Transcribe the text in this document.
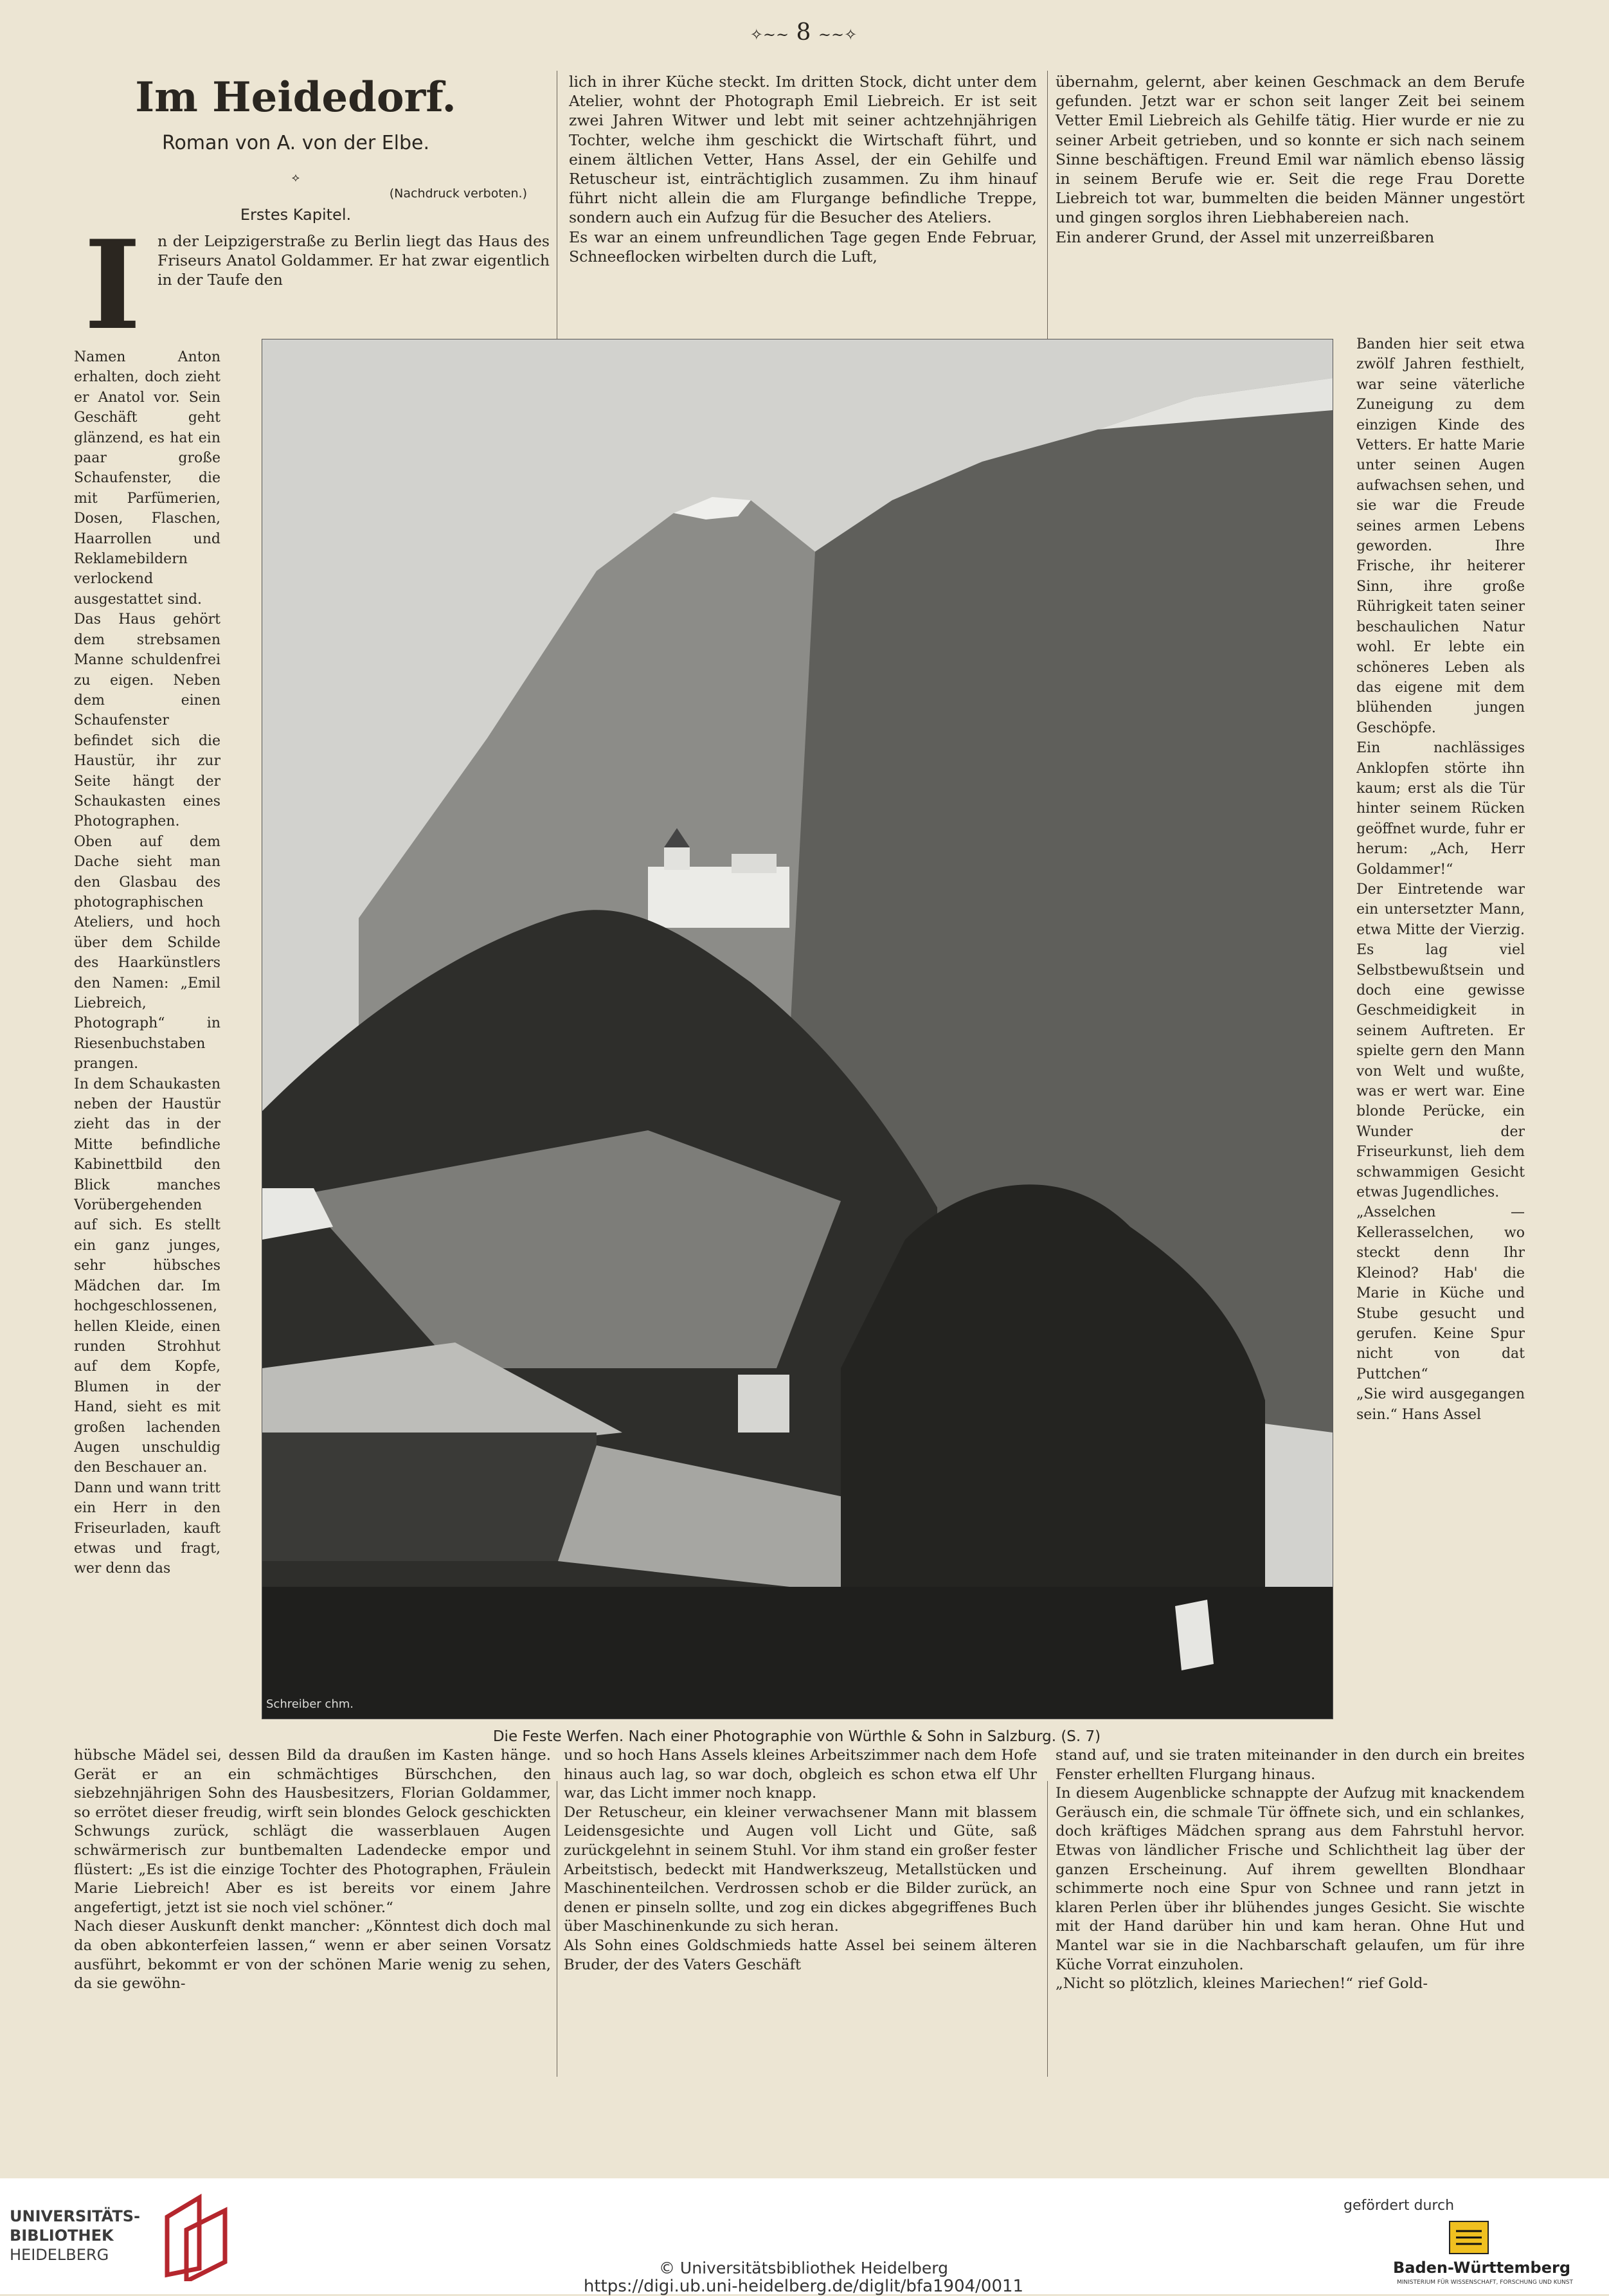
✧~~ 8 ~~✧
Im Heidedorf.
Roman von A. von der Elbe.
⟡
(Nachdruck verboten.)
Erstes Kapitel.
I	n der Leipzigerstraße zu Berlin liegt das Haus des Friseurs Anatol Goldammer. Er hat zwar eigentlich in der Taufe den
Namen Anton erhalten, doch zieht er Anatol vor. Sein Geschäft geht glänzend, es hat ein paar große Schaufenster, die mit Parfümerien, Dosen, Flaschen, Haarrollen und Reklamebildern verlockend ausgestattet sind.
Das Haus gehört dem strebsamen Manne schuldenfrei zu eigen. Neben dem einen Schaufenster befindet sich die Haustür, ihr zur Seite hängt der Schaukasten eines Photographen. Oben auf dem Dache sieht man den Glasbau des photographischen Ateliers, und hoch über dem Schilde des Haarkünstlers den Namen: „Emil Liebreich, Photograph“ in Riesenbuchstaben prangen.
In dem Schaukasten neben der Haustür zieht das in der Mitte befindliche Kabinettbild den Blick manches Vorübergehenden auf sich. Es stellt ein ganz junges, sehr hübsches Mädchen dar. Im hochgeschlossenen, hellen Kleide, einen runden Strohhut auf dem Kopfe, Blumen in der Hand, sieht es mit großen lachenden Augen unschuldig den Beschauer an.
Dann und wann tritt ein Herr in den Friseurladen, kauft etwas und fragt, wer denn das
lich in ihrer Küche steckt. Im dritten Stock, dicht unter dem Atelier, wohnt der Photograph Emil Liebreich. Er ist seit zwei Jahren Witwer und lebt mit seiner achtzehnjährigen Tochter, welche ihm geschickt die Wirtschaft führt, und einem ältlichen Vetter, Hans Assel, der ein Gehilfe und Retuscheur ist, einträchtiglich zusammen. Zu ihm hinauf führt nicht allein die am Flurgange befindliche Treppe, sondern auch ein Aufzug für die Besucher des Ateliers.
Es war an einem unfreundlichen Tage gegen Ende Februar, Schneeflocken wirbelten durch die Luft,
übernahm, gelernt, aber keinen Geschmack an dem Berufe gefunden. Jetzt war er schon seit langer Zeit bei seinem Vetter Emil Liebreich als Gehilfe tätig. Hier wurde er nie zu seiner Arbeit getrieben, und so konnte er sich nach seinem Sinne beschäftigen. Freund Emil war nämlich ebenso lässig in seinem Berufe wie er. Seit die rege Frau Dorette Liebreich tot war, bummelten die beiden Männer ungestört und gingen sorglos ihren Liebhabereien nach.
Ein anderer Grund, der Assel mit unzerreißbaren
Banden hier seit etwa zwölf Jahren festhielt, war seine väterliche Zuneigung zu dem einzigen Kinde des Vetters. Er hatte Marie unter seinen Augen aufwachsen sehen, und sie war die Freude seines armen Lebens geworden. Ihre Frische, ihr heiterer Sinn, ihre große Rührigkeit taten seiner beschaulichen Natur wohl. Er lebte ein schöneres Leben als das eigene mit dem blühenden jungen Geschöpfe.
Ein nachlässiges Anklopfen störte ihn kaum; erst als die Tür hinter seinem Rücken geöffnet wurde, fuhr er herum: „Ach, Herr Goldammer!“
Der Eintretende war ein untersetzter Mann, etwa Mitte der Vierzig. Es lag viel Selbstbewußtsein und doch eine gewisse Geschmeidigkeit in seinem Auftreten. Er spielte gern den Mann von Welt und wußte, was er wert war. Eine blonde Perücke, ein Wunder der Friseurkunst, lieh dem schwammigen Gesicht etwas Jugendliches.
„Asselchen — Kellerasselchen, wo steckt denn Ihr Kleinod? Hab' die Marie in Küche und Stube gesucht und gerufen. Keine Spur nicht von dat Puttchen“
„Sie wird ausgegangen sein.“ Hans Assel
Schreiber chm.
Die Feste Werfen. Nach einer Photographie von Würthle & Sohn in Salzburg. (S. 7)
hübsche Mädel sei, dessen Bild da draußen im Kasten hänge. Gerät er an ein schmächtiges Bürschchen, den siebzehnjährigen Sohn des Hausbesitzers, Florian Goldammer, so errötet dieser freudig, wirft sein blondes Gelock geschickten Schwungs zurück, schlägt die wasserblauen Augen schwärmerisch zur buntbemalten Ladendecke empor und flüstert: „Es ist die einzige Tochter des Photographen, Fräulein Marie Liebreich! Aber es ist bereits vor einem Jahre angefertigt, jetzt ist sie noch viel schöner.“
Nach dieser Auskunft denkt mancher: „Könntest dich doch mal da oben abkonterfeien lassen,“ wenn er aber seinen Vorsatz ausführt, bekommt er von der schönen Marie wenig zu sehen, da sie gewöhn-
und so hoch Hans Assels kleines Arbeitszimmer nach dem Hofe hinaus auch lag, so war doch, obgleich es schon etwa elf Uhr war, das Licht immer noch knapp.
Der Retuscheur, ein kleiner verwachsener Mann mit blassem Leidensgesichte und Augen voll Licht und Güte, saß zurückgelehnt in seinem Stuhl. Vor ihm stand ein großer fester Arbeitstisch, bedeckt mit Handwerkszeug, Metallstücken und Maschinenteilchen. Verdrossen schob er die Bilder zurück, an denen er pinseln sollte, und zog ein dickes abgegriffenes Buch über Maschinenkunde zu sich heran.
Als Sohn eines Goldschmieds hatte Assel bei seinem älteren Bruder, der des Vaters Geschäft
stand auf, und sie traten miteinander in den durch ein breites Fenster erhellten Flurgang hinaus.
In diesem Augenblicke schnappte der Aufzug mit knackendem Geräusch ein, die schmale Tür öffnete sich, und ein schlankes, doch kräftiges Mädchen sprang aus dem Fahrstuhl hervor. Etwas von ländlicher Frische und Schlichtheit lag über der ganzen Erscheinung. Auf ihrem gewellten Blondhaar schimmerte noch eine Spur von Schnee und rann jetzt in klaren Perlen über ihr blühendes junges Gesicht. Sie wischte mit der Hand darüber hin und kam heran. Ohne Hut und Mantel war sie in die Nachbarschaft gelaufen, um für ihre Küche Vorrat einzuholen.
„Nicht so plötzlich, kleines Mariechen!“ rief Gold-
UNIVERSITÄTS-
BIBLIOTHEK
HEIDELBERG
© Universitätsbibliothek Heidelberg
https://digi.ub.uni-heidelberg.de/diglit/bfa1904/0011
gefördert durch
Baden-Württemberg
MINISTERIUM FÜR WISSENSCHAFT, FORSCHUNG UND KUNST
